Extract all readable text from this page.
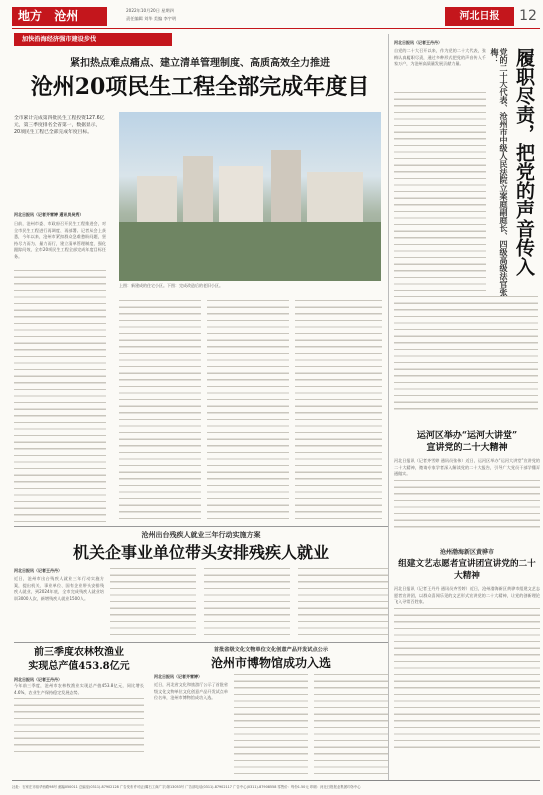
地方 沧州	2022年10月20日 星期四
责任编辑 刘华 美编 李宇明	河北日报	12
加快沿海经济强市建设步伐
紧扣热点难点痛点、建立清单管理制度、高质高效全力推进
沧州20项民生工程全部完成年度目
全市累计完成第四批民生工程投资127.6亿元，第三季度排名全省第一，数据显示，20项民生工程已全部完成年度目标。
上图：新建成的住宅小区。下图：完成改造后的老旧小区。
履职尽责，把党的声音传入
党的二十大代表、沧州市中级人民法院立案庭副庭长、四级高级法官张梅：
河北日报讯（记者王丹丹）
自党的二十大召开以来，作为党的二十大代表，张梅认真履职尽责，通过多种形式把党的声音传入千家万户，为沧州高质量发展贡献力量。
运河区举办“运河大讲堂”
宣讲党的二十大精神
河北日报讯（记者齐雪婷 通讯员张伟）近日，运河区举办“运河大讲堂”宣讲党的二十大精神，邀请专家学者深入解读党的二十大报告，引导广大党员干部学懂弄通做实。
沧州渤海新区黄骅市
组建文艺志愿者宣讲团宣讲党的二十大精神
河北日报讯（记者王丹丹 通讯员齐雪婷）近日，沧州渤海新区黄骅市组建文艺志愿者宣讲团，以群众喜闻乐见的文艺形式宣讲党的二十大精神，让党的创新理论飞入寻常百姓家。
河北日报讯（记者齐雪婷 通讯员吴秀）
日前，沧州市委、市政府召开民生工程推进会，对全市民生工程进行再调度、再部署。记者从会上获悉，今年以来，沧州市紧扣群众急难愁盼问题，坚持尽力而为、量力而行，建立清单管理制度，强化跟踪问效，全市20项民生工程全部完成年度目标任务。
沧州出台残疾人就业三年行动实施方案
机关企事业单位带头安排残疾人就业
河北日报讯（记者王丹丹）
近日，沧州市出台残疾人就业三年行动实施方案，提出机关、事业单位、国有企业带头安排残疾人就业，到2024年底，全市完成残疾人就业培训3000人次，新增残疾人就业1500人。
前三季度农林牧渔业
实现总产值453.8亿元
河北日报讯（记者王丹丹）
今年前三季度，沧州市农林牧渔业实现总产值453.8亿元，同比增长4.6%，农业生产保持稳定发展态势。
首批省级文化文物单位文化创意产品开发试点公示
沧州市博物馆成功入选
河北日报讯（记者齐雪婷）
近日，河北省文化和旅游厅公示了首批省级文化文物单位文化创意产品开发试点单位名单，沧州市博物馆成功入选。
社址：石家庄市裕华西路98号 邮编050011 总编室(0311)-87902128 广告发布许可证(冀石工商广字)第13053号 广告部电话(0311)-87902117 广告中心(0311)-87908558 零售价：每份1.50元 印刷：河北日报报业集团印务中心
